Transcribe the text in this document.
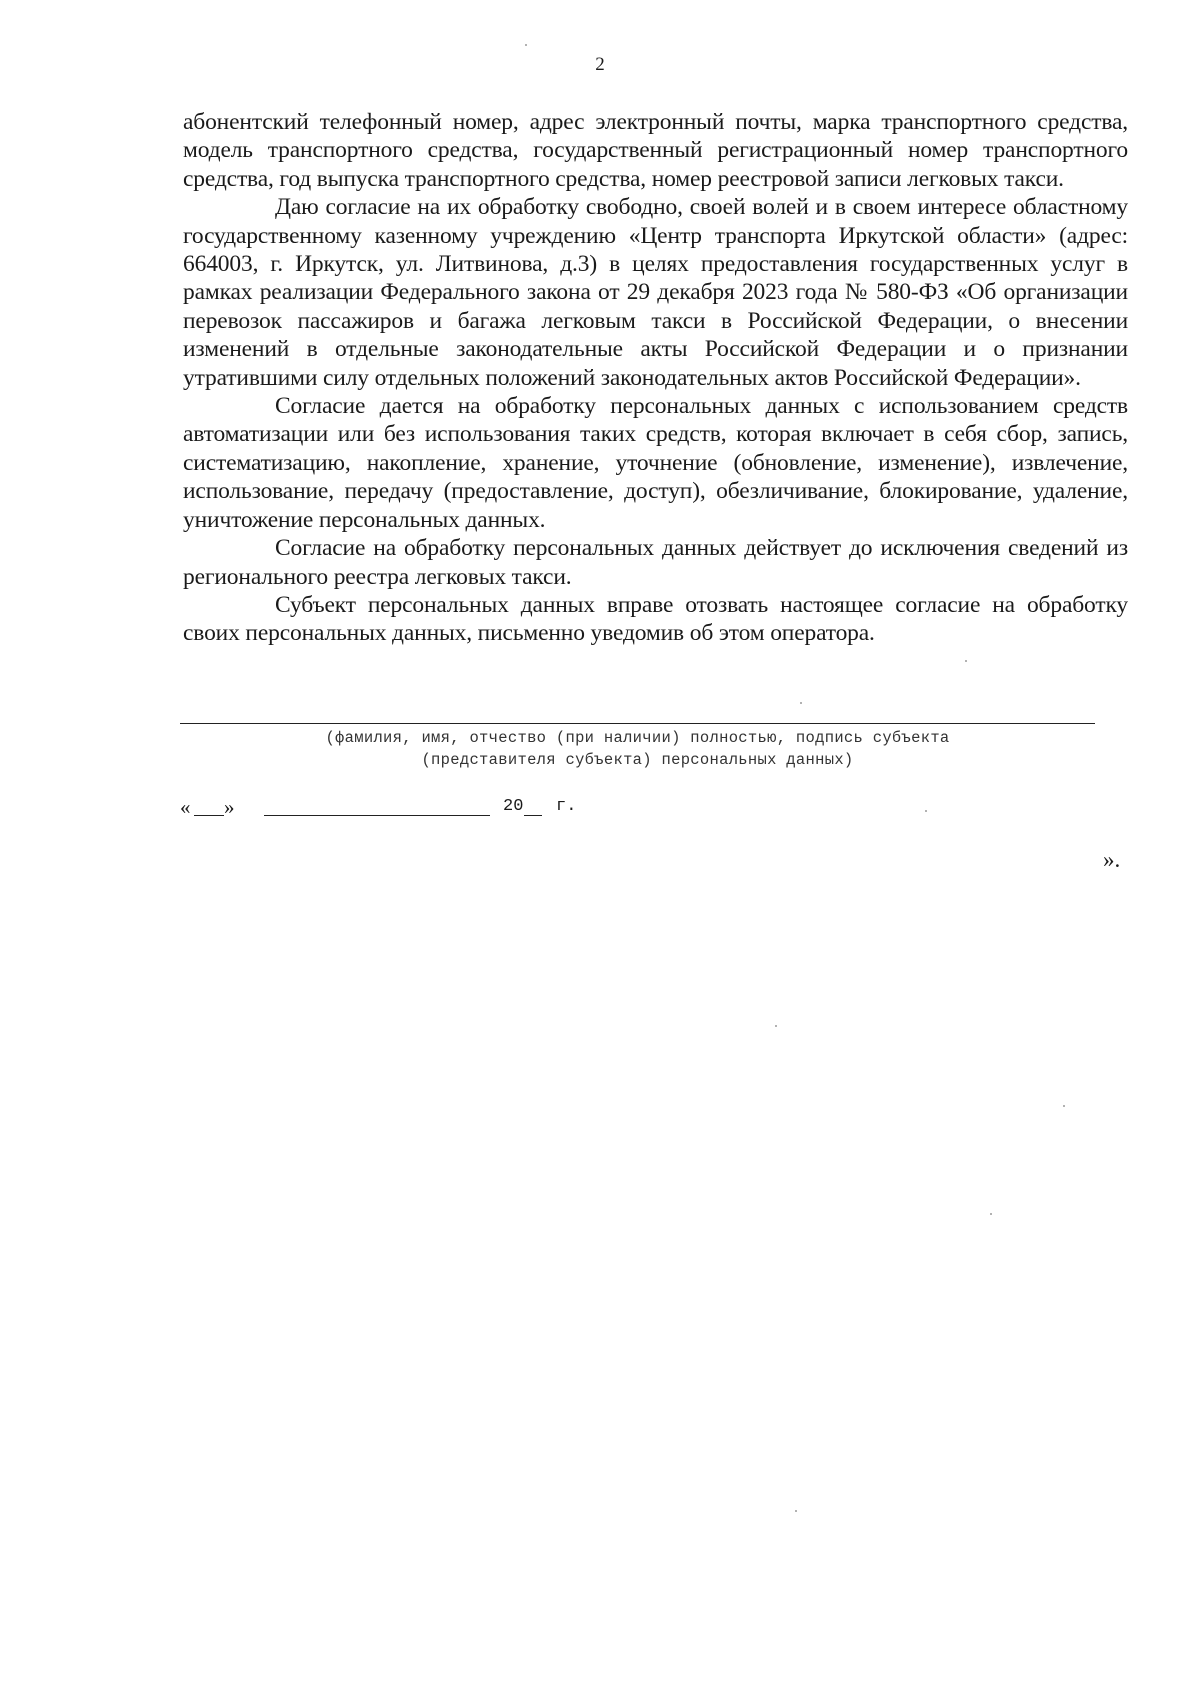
2

абонентский телефонный номер, адрес электронный почты, марка транспортного средства, модель транспортного средства, государственный регистрационный номер транспортного средства, год выпуска транспортного средства, номер реестровой записи легковых такси.

Даю согласие на их обработку свободно, своей волей и в своем интересе областному государственному казенному учреждению «Центр транспорта Иркутской области» (адрес: 664003, г. Иркутск, ул. Литвинова, д.3) в целях предоставления государственных услуг в рамках реализации Федерального закона от 29 декабря 2023 года № 580-ФЗ «Об организации перевозок пассажиров и багажа легковым такси в Российской Федерации, о внесении изменений в отдельные законодательные акты Российской Федерации и о признании утратившими силу отдельных положений законодательных актов Российской Федерации».

Согласие дается на обработку персональных данных с использованием средств автоматизации или без использования таких средств, которая включает в себя сбор, запись, систематизацию, накопление, хранение, уточнение (обновление, изменение), извлечение, использование, передачу (предоставление, доступ), обезличивание, блокирование, удаление, уничтожение персональных данных.

Согласие на обработку персональных данных действует до исключения сведений из регионального реестра легковых такси.

Субъект персональных данных вправе отозвать настоящее согласие на обработку своих персональных данных, письменно уведомив об этом оператора.

(фамилия, имя, отчество (при наличии) полностью, подпись субъекта
(представителя субъекта) персональных данных)
« »	20 г.
».
